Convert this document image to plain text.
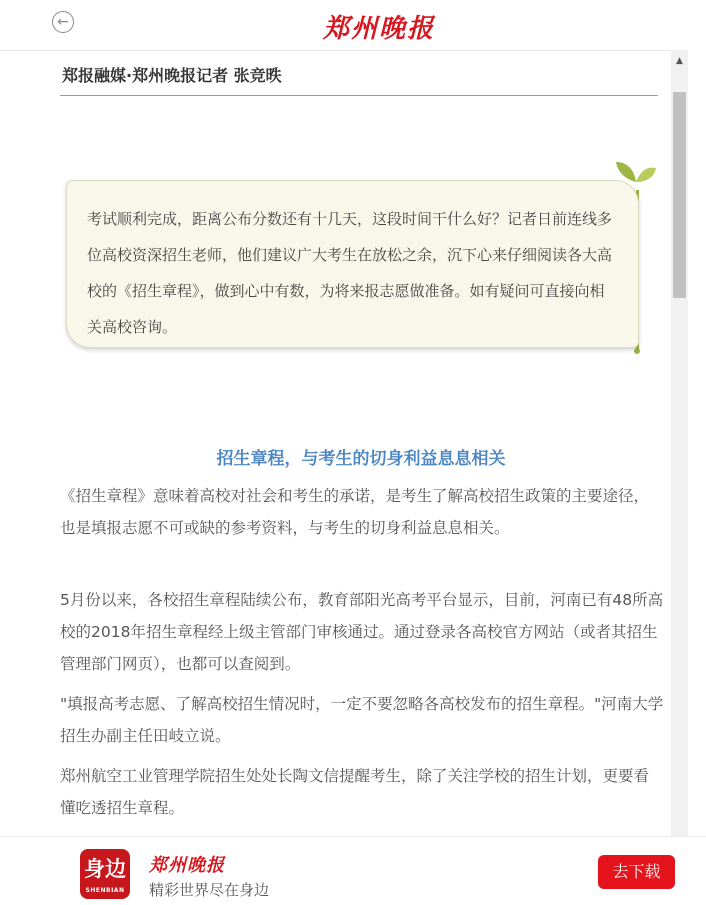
←	郑州晚报
郑报融媒·郑州晚报记者 张竞昳
▲

考试顺利完成，距离公布分数还有十几天，这段时间干什么好？记者日前连线多位高校资深招生老师，他们建议广大考生在放松之余，沉下心来仔细阅读各大高校的《招生章程》，做到心中有数，为将来报志愿做准备。如有疑问可直接向相关高校咨询。

招生章程，与考生的切身利益息息相关

《招生章程》意味着高校对社会和考生的承诺，是考生了解高校招生政策的主要途径，也是填报志愿不可或缺的参考资料，与考生的切身利益息息相关。

5月份以来，各校招生章程陆续公布，教育部阳光高考平台显示，目前，河南已有48所高校的2018年招生章程经上级主管部门审核通过。通过登录各高校官方网站（或者其招生管理部门网页），也都可以查阅到。

"填报高考志愿、了解高校招生情况时，一定不要忽略各高校发布的招生章程。"河南大学招生办副主任田岐立说。

郑州航空工业管理学院招生处处长陶文信提醒考生，除了关注学校的招生计划，更要看懂吃透招生章程。

身边
SHENBIAN
郑州晚报
精彩世界尽在身边
去下载
